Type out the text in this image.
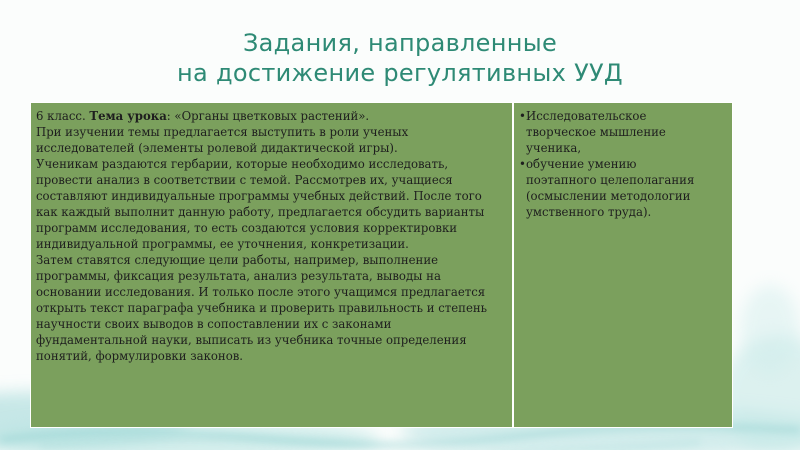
Задания, направленные
на достижение регулятивных УУД

6 класс. Тема урока: «Органы цветковых растений».

При изучении темы предлагается выступить в роли ученых исследователей (элементы ролевой дидактической игры).

Ученикам раздаются гербарии, которые необходимо исследовать, провести анализ в соответствии с темой. Рассмотрев их, учащиеся составляют индивидуальные программы учебных действий. После того как каждый выполнит данную работу, предлагается обсудить варианты программ исследования, то есть создаются условия корректировки индивидуальной программы, ее уточнения, конкретизации.

Затем ставятся следующие цели работы, например, выполнение программы, фиксация результата, анализ результата, выводы на основании исследования. И только после этого учащимся предлагается открыть текст параграфа учебника и проверить правильность и степень научности своих выводов в сопоставлении их с законами фундаментальной науки, выписать из учебника точные определения понятий, формулировки законов.

• Исследовательское
творческое мышление
ученика,
• обучение умению
поэтапного целеполагания
(осмыслении методологии
умственного труда).
